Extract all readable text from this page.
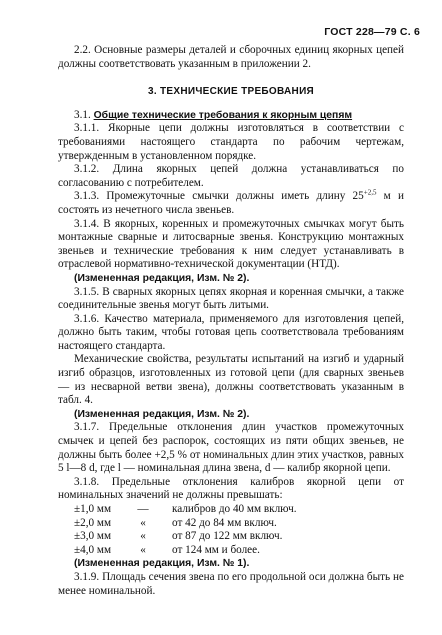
ГОСТ 228—79 С. 6

2.2. Основные размеры деталей и сборочных единиц якорных цепей должны соответствовать указанным в приложении 2.

3. ТЕХНИЧЕСКИЕ ТРЕБОВАНИЯ

3.1. Общие технические требования к якорным цепям

3.1.1. Якорные цепи должны изготовляться в соответствии с требованиями настоящего стандарта по рабочим чертежам, утвержденным в установленном порядке.

3.1.2. Длина якорных цепей должна устанавливаться по согласованию с потребителем.

3.1.3. Промежуточные смычки должны иметь длину $25^{+2,5}$ м и состоять из нечетного числа звеньев.

3.1.4. В якорных, коренных и промежуточных смычках могут быть монтажные сварные и литосварные звенья. Конструкцию монтажных звеньев и технические требования к ним следует устанавливать в отраслевой нормативно-технической документации (НТД).

(Измененная редакция, Изм. № 2).

3.1.5. В сварных якорных цепях якорная и коренная смычки, а также соединительные звенья могут быть литыми.

3.1.6. Качество материала, применяемого для изготовления цепей, должно быть таким, чтобы готовая цепь соответствовала требованиям настоящего стандарта.

Механические свойства, результаты испытаний на изгиб и ударный изгиб образцов, изготовленных из готовой цепи (для сварных звеньев — из несварной ветви звена), должны соответствовать указанным в табл. 4.

(Измененная редакция, Изм. № 2).

3.1.7. Предельные отклонения длин участков промежуточных смычек и цепей без распорок, состоящих из пяти общих звеньев, не должны быть более +2,5 % от номинальных длин этих участков, равных 5 l—8 d, где l — номинальная длина звена, d — калибр якорной цепи.

3.1.8. Предельные отклонения калибров якорной цепи от номинальных значений не должны превышать:

±1,0 мм	—	калибров до 40 мм включ.
±2,0 мм	«	от 42 до 84 мм включ.
±3,0 мм	«	от 87 до 122 мм включ.
±4,0 мм	«	от 124 мм и более.

(Измененная редакция, Изм. № 1).

3.1.9. Площадь сечения звена по его продольной оси должна быть не менее номинальной.
